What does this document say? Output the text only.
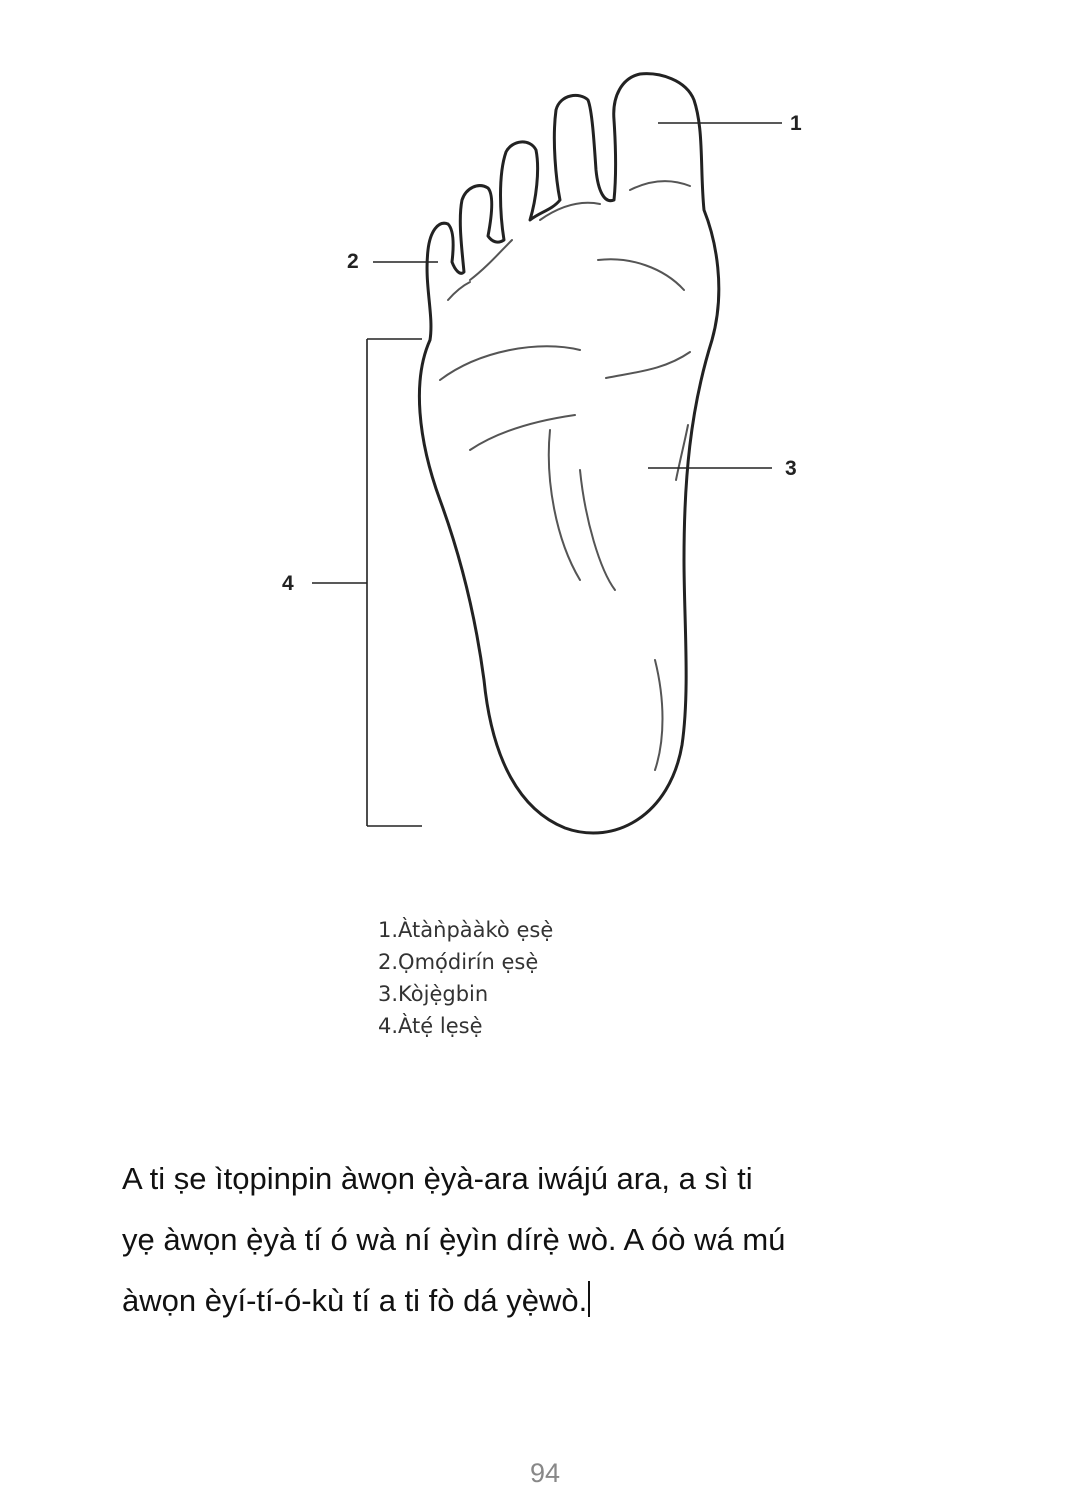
1
2
3
4
1.Àtàǹpààkò ẹsẹ̀
2.Ọmọ́dirín ẹsẹ̀
3.Kòjẹ̀gbin
4.Àtẹ́ lẹsẹ̀
A ti ṣe ìtọpinpin àwọn ẹ̀yà-ara iwájú ara, a sì ti
yẹ àwọn ẹ̀yà tí ó wà ní ẹ̀yìn dírẹ̀ wò. A óò wá mú
àwọn èyí-tí-ó-kù tí a ti fò dá yẹ̀wò.
94
